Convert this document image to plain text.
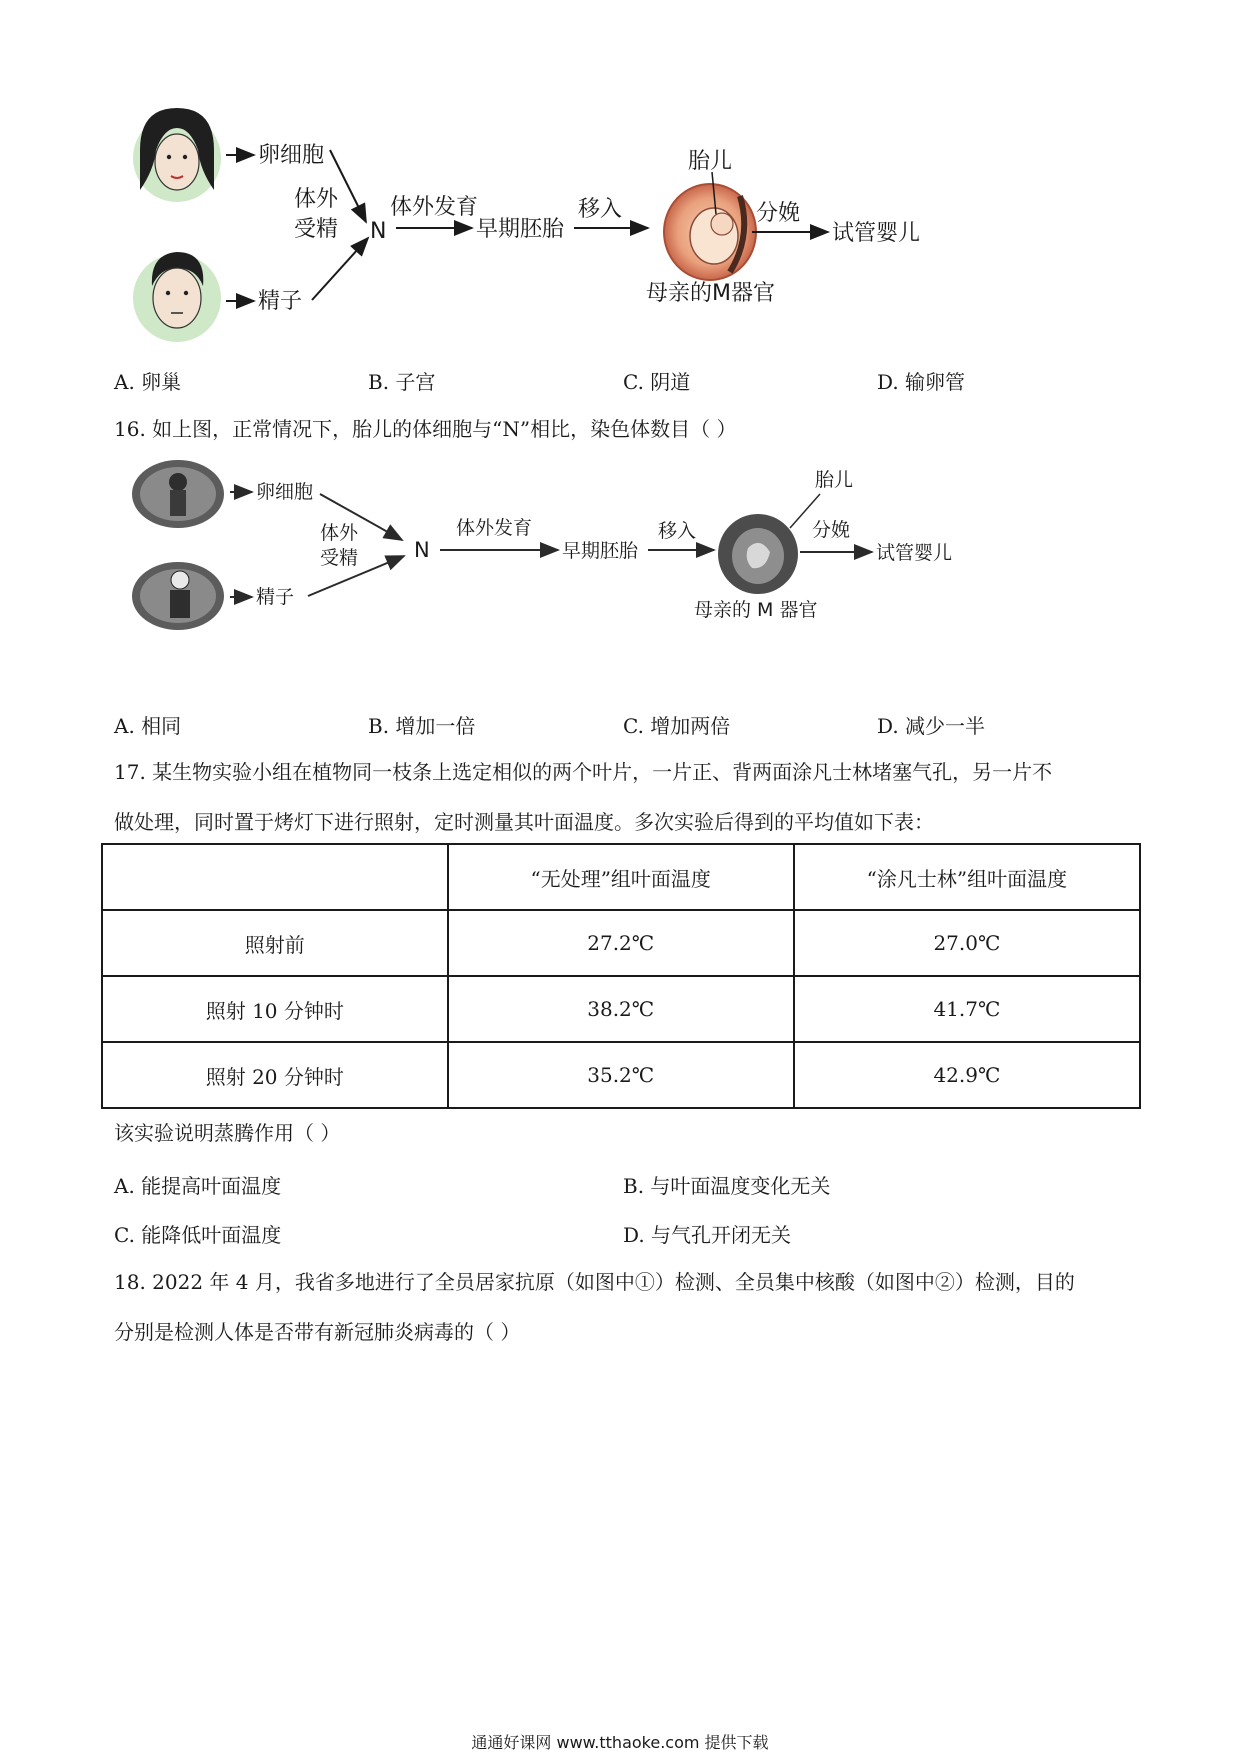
卵细胞
精子
体外
受精 N
体外发育
早期胚胎
移入
胎儿
分娩
试管婴儿
母亲的M器官
A. 卵巢	B. 子宫	C. 阴道	D. 输卵管
16. 如上图，正常情况下，胎儿的体细胞与“N”相比，染色体数目（ ）
卵细胞
精子
体外
受精	N
体外发育
早期胚胎
移入
胎儿
分娩
试管婴儿
母亲的 M 器官
A. 相同	B. 增加一倍	C. 增加两倍	D. 减少一半
17. 某生物实验小组在植物同一枝条上选定相似的两个叶片，一片正、背两面涂凡士林堵塞气孔，另一片不
做处理，同时置于烤灯下进行照射，定时测量其叶面温度。多次实验后得到的平均值如下表：
	“无处理”组叶面温度	“涂凡士林”组叶面温度
照射前	27.2℃	27.0℃
照射 10 分钟时	38.2℃	41.7℃
照射 20 分钟时	35.2℃	42.9℃
该实验说明蒸腾作用（ ）
A. 能提高叶面温度	B. 与叶面温度变化无关
C. 能降低叶面温度	D. 与气孔开闭无关
18. 2022 年 4 月，我省多地进行了全员居家抗原（如图中①）检测、全员集中核酸（如图中②）检测，目的
分别是检测人体是否带有新冠肺炎病毒的（ ）
通通好课网 www.tthaoke.com 提供下载
